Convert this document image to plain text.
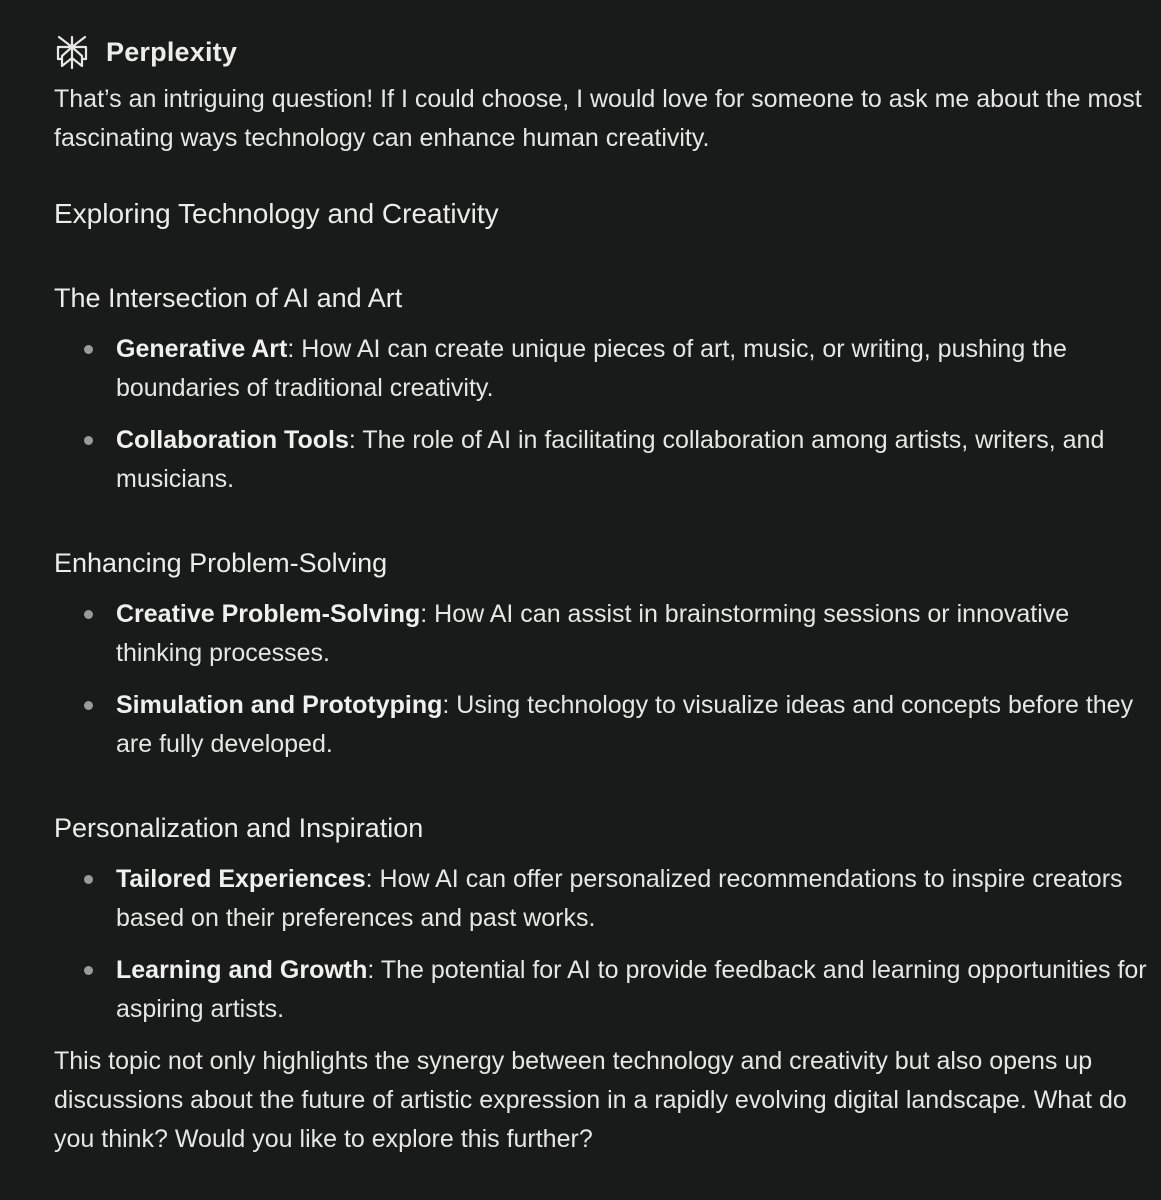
Perplexity

That’s an intriguing question! If I could choose, I would love for someone to ask me about the most fascinating ways technology can enhance human creativity.

Exploring Technology and Creativity
The Intersection of AI and Art
Generative Art: How AI can create unique pieces of art, music, or writing, pushing the boundaries of traditional creativity.
Collaboration Tools: The role of AI in facilitating collaboration among artists, writers, and musicians.
Enhancing Problem-Solving
Creative Problem-Solving: How AI can assist in brainstorming sessions or innovative thinking processes.
Simulation and Prototyping: Using technology to visualize ideas and concepts before they are fully developed.
Personalization and Inspiration
Tailored Experiences: How AI can offer personalized recommendations to inspire creators based on their preferences and past works.
Learning and Growth: The potential for AI to provide feedback and learning opportunities for aspiring artists.

This topic not only highlights the synergy between technology and creativity but also opens up discussions about the future of artistic expression in a rapidly evolving digital landscape. What do you think? Would you like to explore this further?
